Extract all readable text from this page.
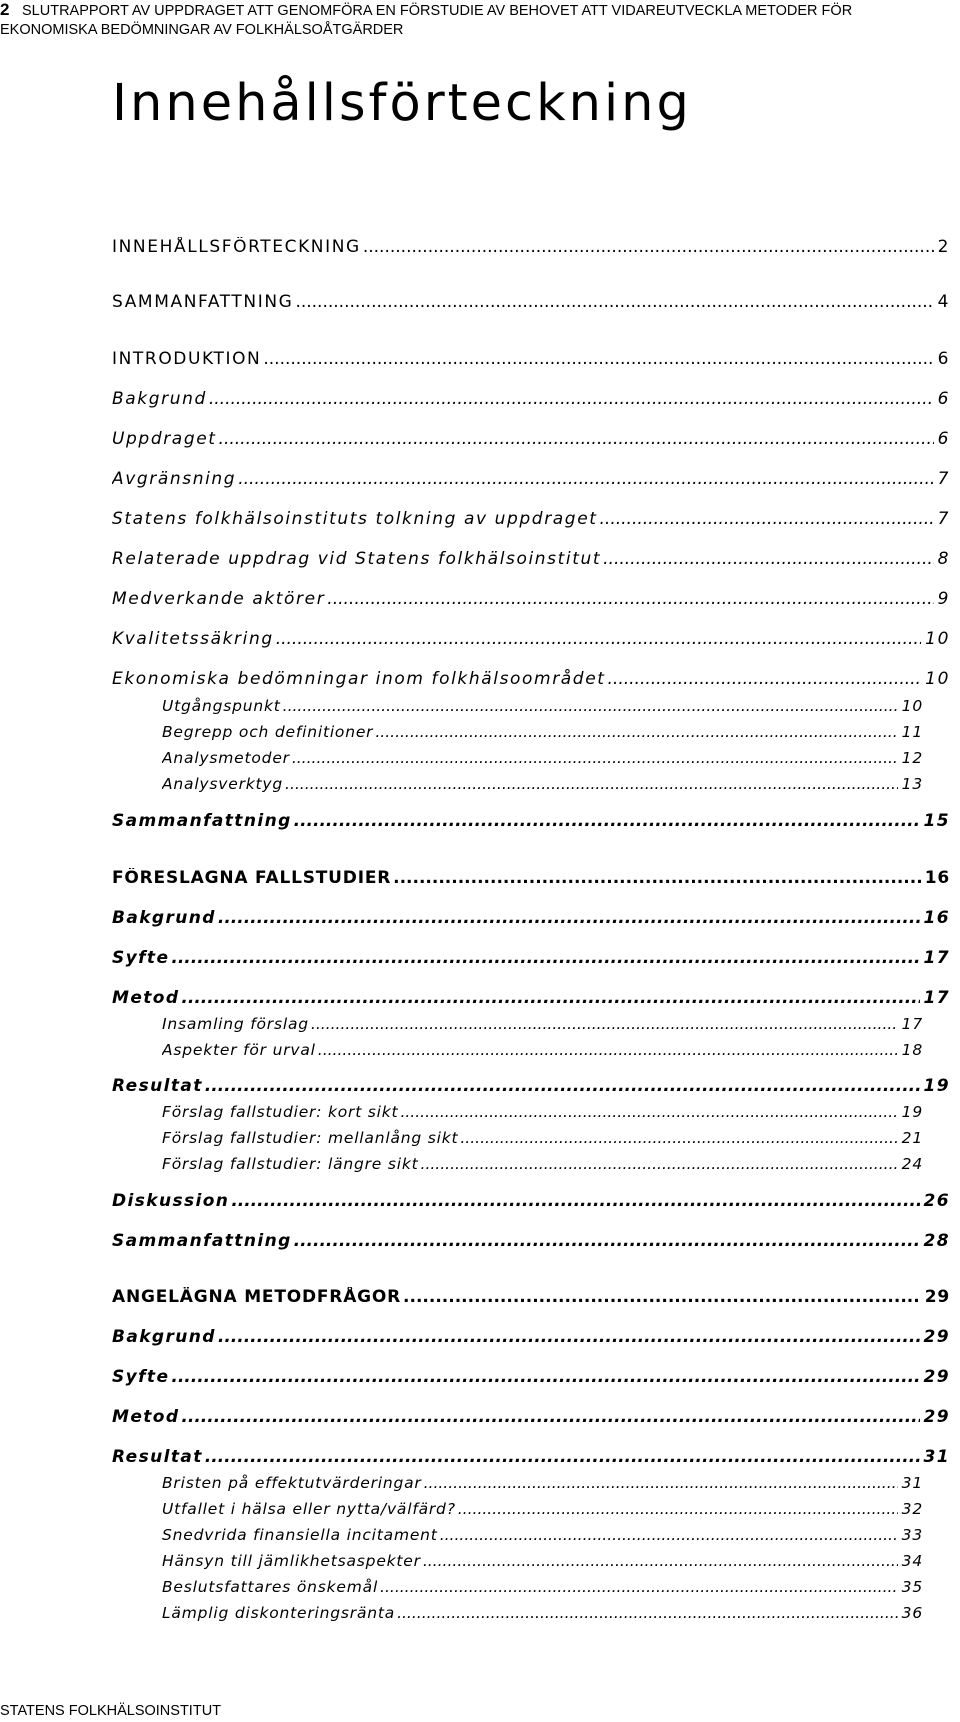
2 SLUTRAPPORT AV UPPDRAGET ATT GENOMFÖRA EN FÖRSTUDIE AV BEHOVET ATT VIDAREUTVECKLA METODER FÖR
EKONOMISKA BEDÖMNINGAR AV FOLKHÄLSOÅTGÄRDER
Innehållsförteckning
INNEHÅLLSFÖRTECKNING .....	2
SAMMANFATTNING .....	4
INTRODUKTION .....	6
Bakgrund .....	6
Uppdraget .....	6
Avgränsning .....	7
Statens folkhälsoinstituts tolkning av uppdraget .....	7
Relaterade uppdrag vid Statens folkhälsoinstitut .....	8
Medverkande aktörer .....	9
Kvalitetssäkring .....	10
Ekonomiska bedömningar inom folkhälsoområdet .....	10
Utgångspunkt .....	10
Begrepp och definitioner .....	11
Analysmetoder .....	12
Analysverktyg .....	13
Sammanfattning .....	15
FÖRESLAGNA FALLSTUDIER .....	16
Bakgrund .....	16
Syfte .....	17
Metod .....	17
Insamling förslag .....	17
Aspekter för urval .....	18
Resultat .....	19
Förslag fallstudier: kort sikt .....	19
Förslag fallstudier: mellanlång sikt .....	21
Förslag fallstudier: längre sikt .....	24
Diskussion .....	26
Sammanfattning .....	28
ANGELÄGNA METODFRÅGOR .....	29
Bakgrund .....	29
Syfte .....	29
Metod .....	29
Resultat .....	31
Bristen på effektutvärderingar .....	31
Utfallet i hälsa eller nytta/välfärd? .....	32
Snedvrida finansiella incitament .....	33
Hänsyn till jämlikhetsaspekter .....	34
Beslutsfattares önskemål .....	35
Lämplig diskonteringsränta .....	36
STATENS FOLKHÄLSOINSTITUT
